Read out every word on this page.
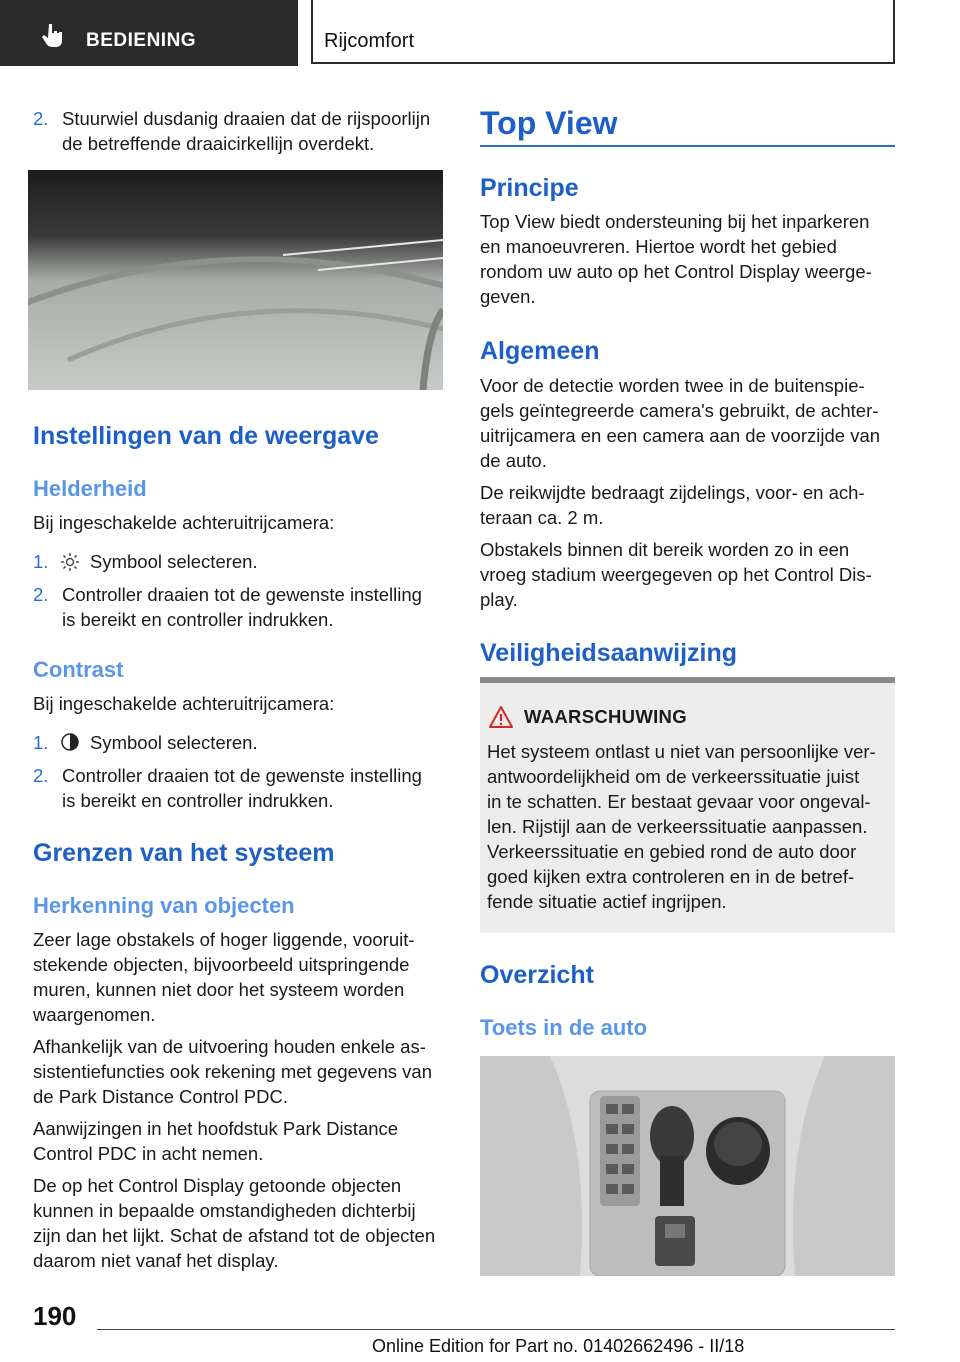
BEDIENING	Rijcomfort
2. Stuurwiel dusdanig draaien dat de rijspoorlijn
de betreffende draaicirkellijn overdekt.
Instellingen van de weergave
Helderheid
Bij ingeschakelde achteruitrijcamera:
1. Symbool selecteren.
2. Controller draaien tot de gewenste instelling
is bereikt en controller indrukken.
Contrast
Bij ingeschakelde achteruitrijcamera:
1. Symbool selecteren.
2. Controller draaien tot de gewenste instelling
is bereikt en controller indrukken.
Grenzen van het systeem
Herkenning van objecten
Zeer lage obstakels of hoger liggende, vooruit-
stekende objecten, bijvoorbeeld uitspringende
muren, kunnen niet door het systeem worden
waargenomen.
Afhankelijk van de uitvoering houden enkele as-
sistentiefuncties ook rekening met gegevens van
de Park Distance Control PDC.
Aanwijzingen in het hoofdstuk Park Distance
Control PDC in acht nemen.
De op het Control Display getoonde objecten
kunnen in bepaalde omstandigheden dichterbij
zijn dan het lijkt. Schat de afstand tot de objecten
daarom niet vanaf het display.
Top View
Principe
Top View biedt ondersteuning bij het inparkeren
en manoeuvreren. Hiertoe wordt het gebied
rondom uw auto op het Control Display weerge-
geven.
Algemeen
Voor de detectie worden twee in de buitenspie-
gels geïntegreerde camera's gebruikt, de achter-
uitrijcamera en een camera aan de voorzijde van
de auto.
De reikwijdte bedraagt zijdelings, voor- en ach-
teraan ca. 2 m.
Obstakels binnen dit bereik worden zo in een
vroeg stadium weergegeven op het Control Dis-
play.
Veiligheidsaanwijzing
WAARSCHUWING
Het systeem ontlast u niet van persoonlijke ver-
antwoordelijkheid om de verkeerssituatie juist
in te schatten. Er bestaat gevaar voor ongeval-
len. Rijstijl aan de verkeerssituatie aanpassen.
Verkeerssituatie en gebied rond de auto door
goed kijken extra controleren en in de betref-
fende situatie actief ingrijpen.
Overzicht
Toets in de auto
190
Online Edition for Part no. 01402662496 - II/18
